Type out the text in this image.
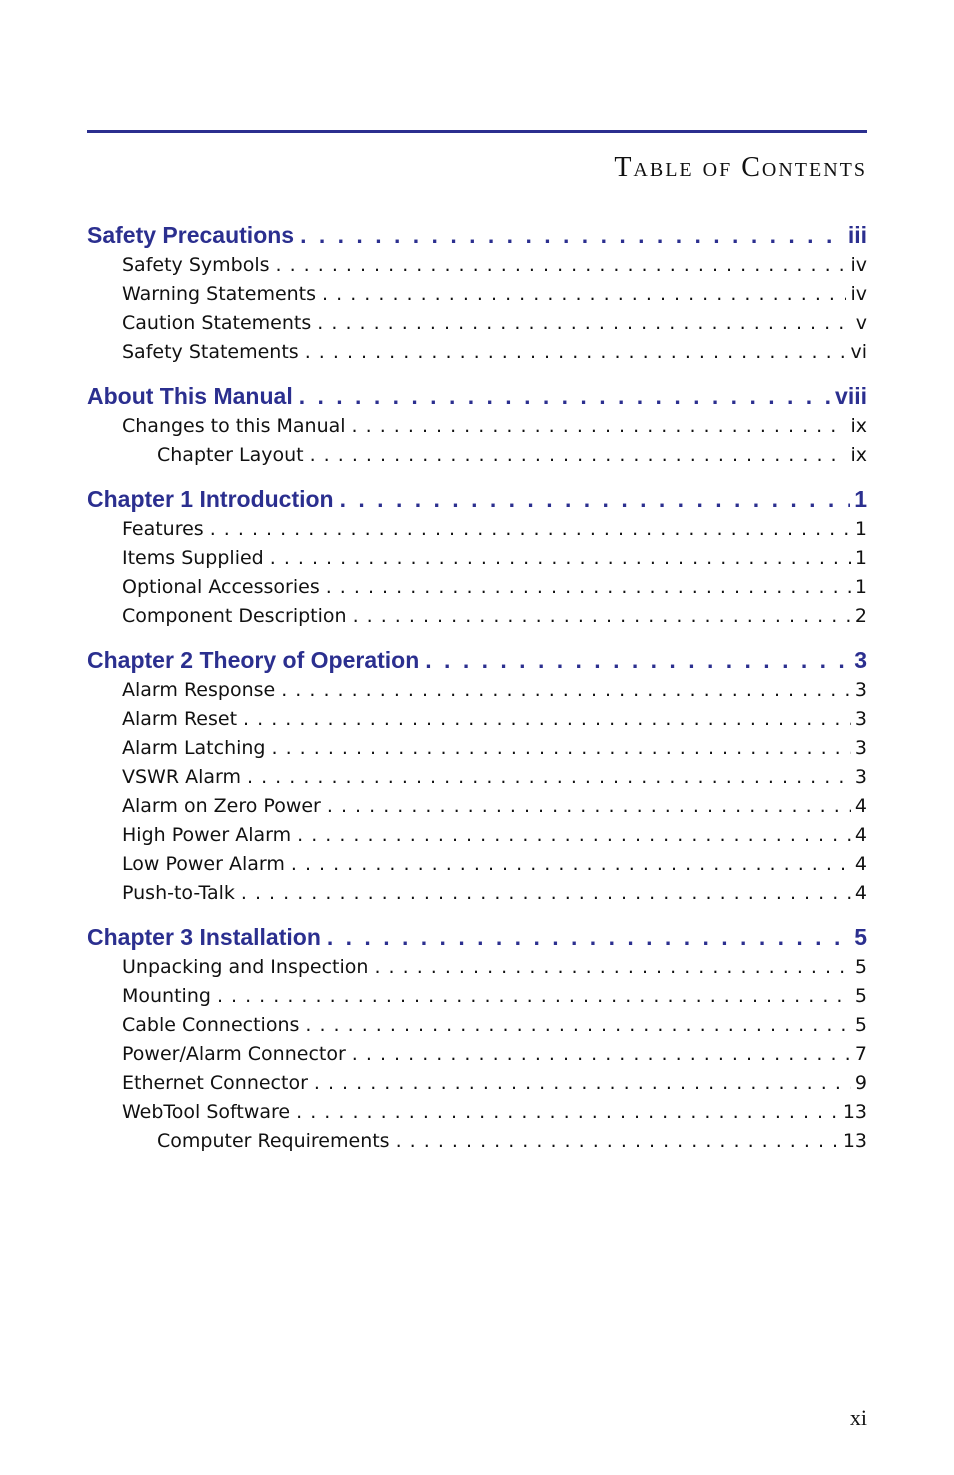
Table of Contents
Safety Precautions . . .	iii
Safety Symbols . . .	iv
Warning Statements . . .	iv
Caution Statements . . .	v
Safety Statements . . .	vi
About This Manual . . .	viii
Changes to this Manual . . .	ix
Chapter Layout . . .	ix
Chapter 1 Introduction . . .	1
Features . . .	1
Items Supplied . . .	1
Optional Accessories . . .	1
Component Description . . .	2
Chapter 2 Theory of Operation . . .	3
Alarm Response . . .	3
Alarm Reset . . .	3
Alarm Latching . . .	3
VSWR Alarm . . .	3
Alarm on Zero Power . . .	4
High Power Alarm . . .	4
Low Power Alarm . . .	4
Push-to-Talk . . .	4
Chapter 3 Installation . . .	5
Unpacking and Inspection . . .	5
Mounting . . .	5
Cable Connections . . .	5
Power/Alarm Connector . . .	7
Ethernet Connector . . .	9
WebTool Software . . .	13
Computer Requirements . . .	13
xi
